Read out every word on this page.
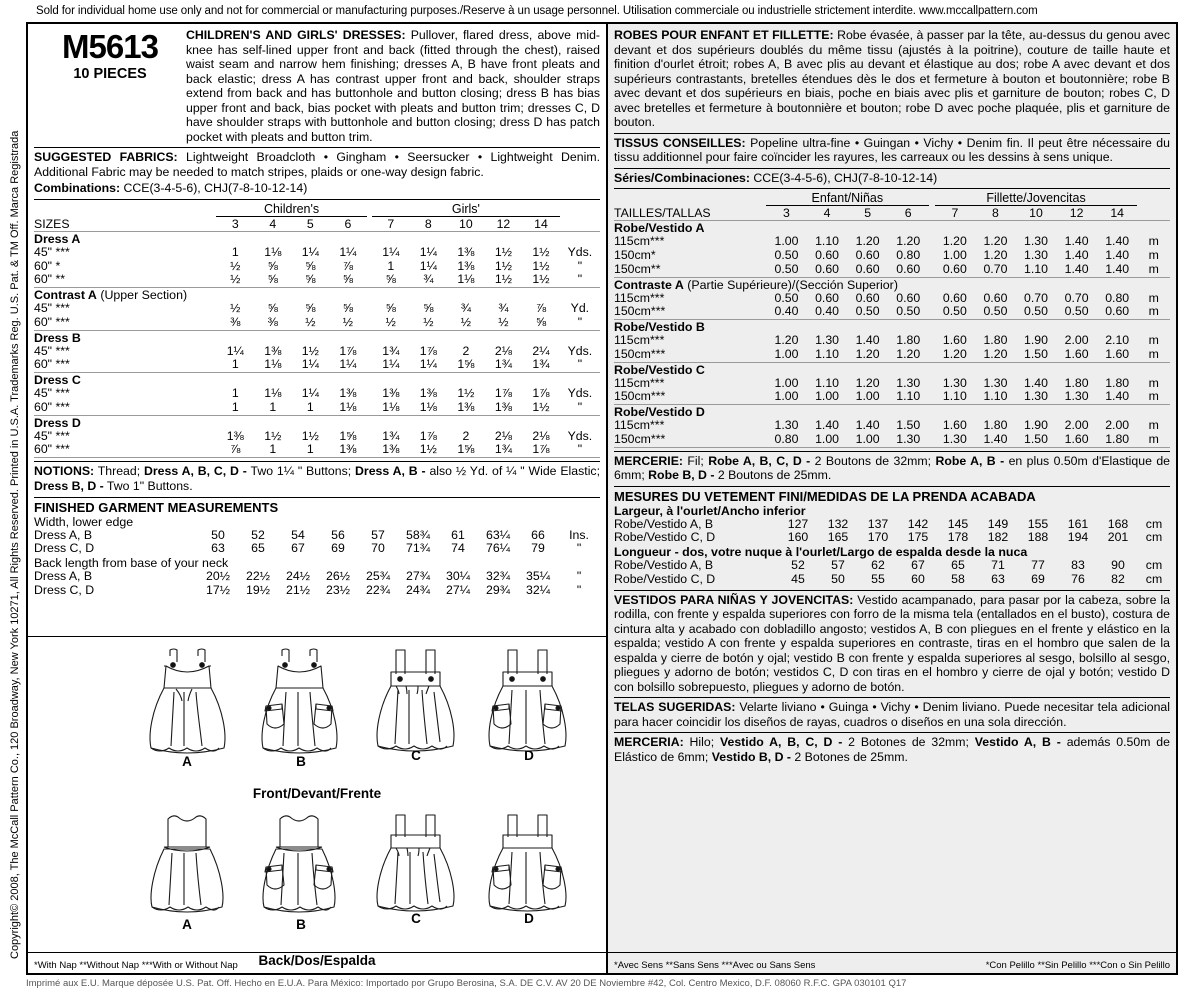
Sold for individual home use only and not for commercial or manufacturing purposes./Reserve à un usage personnel. Utilisation commerciale ou industrielle strictement interdite. www.mccallpattern.com
Copyright© 2008, The McCall Pattern Co., 120 Broadway, New York 10271, All Rights Reserved. Printed in U.S.A. Trademarks Reg. U.S. Pat. & TM Off. Marca Registrada
M5613
10 PIECES
CHILDREN'S AND GIRLS' DRESSES: Pullover, flared dress, above mid-knee has self-lined upper front and back (fitted through the chest), raised waist seam and narrow hem finishing; dresses A, B have front pleats and back elastic; dress A has contrast upper front and back, shoulder straps extend from back and has buttonhole and button closing; dress B has bias upper front and back, bias pocket with pleats and button trim; dresses C, D have shoulder straps with buttonhole and button closing; dress D has patch pocket with pleats and button trim.
SUGGESTED FABRICS: Lightweight Broadcloth • Gingham • Seersucker • Lightweight Denim. Additional Fabric may be needed to match stripes, plaids or one-way design fabric.
Combinations: CCE(3-4-5-6), CHJ(7-8-10-12-14)
	Children's					Girls'					
SIZES	3	4	5	6		7	8	10	12	14	
Dress A											
45" ***	1	1⅛	1¼	1¼		1¼	1¼	1⅜	1½	1½	Yds.
60" *	½	⅝	⅝	⅞		1	1¼	1⅜	1½	1½	"
60" **	½	⅝	⅝	⅝		⅝	¾	1⅛	1½	1½	"
Contrast A (Upper Section)											
45" ***	½	⅝	⅝	⅝		⅝	⅝	¾	¾	⅞	Yd.
60" ***	⅜	⅜	½	½		½	½	½	½	⅝	"
Dress B											
45" ***	1¼	1⅜	1½	1⅞		1¾	1⅞	2	2⅛	2¼	Yds.
60" ***	1	1⅛	1¼	1¼		1¼	1¼	1⅝	1¾	1¾	"
Dress C											
45" ***	1	1⅛	1¼	1⅜		1⅜	1⅜	1½	1⅞	1⅞	Yds.
60" ***	1	1	1	1⅛		1⅛	1⅛	1⅜	1⅜	1½	"
Dress D											
45" ***	1⅜	1½	1½	1⅝		1¾	1⅞	2	2⅛	2⅛	Yds.
60" ***	⅞	1	1	1⅜		1⅜	1½	1⅝	1¾	1⅞	"
NOTIONS: Thread; Dress A, B, C, D - Two 1¼ " Buttons; Dress A, B - also ½ Yd. of ¼ " Wide Elastic; Dress B, D - Two 1" Buttons.
FINISHED GARMENT MEASUREMENTS
Width, lower edge										
Dress A, B	50	52	54	56		57	58¾	61	63¼	66	Ins.
Dress C, D	63	65	67	69		70	71¾	74	76¼	79	"
Back length from base of your neck										
Dress A, B	20½	22½	24½	26½		25¾	27¾	30¼	32¾	35¼	"
Dress C, D	17½	19½	21½	23½		22¾	24¾	27¼	29¾	32¼	"
A	B	C	D
Front/Devant/Frente
A	B	C	D
Back/Dos/Espalda
*With Nap **Without Nap ***With or Without Nap
ROBES POUR ENFANT ET FILLETTE: Robe évasée, à passer par la tête, au-dessus du genou avec devant et dos supérieurs doublés du même tissu (ajustés à la poitrine), couture de taille haute et finition d'ourlet étroit; robes A, B avec plis au devant et élastique au dos; robe A avec devant et dos supérieurs contrastants, bretelles étendues dès le dos et fermeture à bouton et boutonnière; robe B avec devant et dos supérieurs en biais, poche en biais avec plis et garniture de bouton; robes C, D avec bretelles et fermeture à boutonnière et bouton; robe D avec poche plaquée, plis et garniture de bouton.
TISSUS CONSEILLES: Popeline ultra-fine • Guingan • Vichy • Denim fin. Il peut être nécessaire du tissu additionnel pour faire coïncider les rayures, les carreaux ou les dessins à sens unique.
Séries/Combinaciones: CCE(3-4-5-6), CHJ(7-8-10-12-14)
	Enfant/Niñas					Fillette/Jovencitas					
TAILLES/TALLAS	3	4	5	6		7	8	10	12	14	
Robe/Vestido A											
115cm***	1.00	1.10	1.20	1.20		1.20	1.20	1.30	1.40	1.40	m
150cm*	0.50	0.60	0.60	0.80		1.00	1.20	1.30	1.40	1.40	m
150cm**	0.50	0.60	0.60	0.60		0.60	0.70	1.10	1.40	1.40	m
Contraste A (Partie Supérieure)/(Sección Superior)											
115cm***	0.50	0.60	0.60	0.60		0.60	0.60	0.70	0.70	0.80	m
150cm***	0.40	0.40	0.50	0.50		0.50	0.50	0.50	0.50	0.60	m
Robe/Vestido B											
115cm***	1.20	1.30	1.40	1.80		1.60	1.80	1.90	2.00	2.10	m
150cm***	1.00	1.10	1.20	1.20		1.20	1.20	1.50	1.60	1.60	m
Robe/Vestido C											
115cm***	1.00	1.10	1.20	1.30		1.30	1.30	1.40	1.80	1.80	m
150cm***	1.00	1.00	1.00	1.10		1.10	1.10	1.30	1.30	1.40	m
Robe/Vestido D											
115cm***	1.30	1.40	1.40	1.50		1.60	1.80	1.90	2.00	2.00	m
150cm***	0.80	1.00	1.00	1.30		1.30	1.40	1.50	1.60	1.80	m
MERCERIE: Fil; Robe A, B, C, D - 2 Boutons de 32mm; Robe A, B - en plus 0.50m d'Elastique de 6mm; Robe B, D - 2 Boutons de 25mm.
MESURES DU VETEMENT FINI/MEDIDAS DE LA PRENDA ACABADA
Largeur, à l'ourlet/Ancho inferior										
Robe/Vestido A, B	127	132	137	142		145	149	155	161	168	cm
Robe/Vestido C, D	160	165	170	175		178	182	188	194	201	cm
Longueur - dos, votre nuque à l'ourlet/Largo de espalda desde la nuca										
Robe/Vestido A, B	52	57	62	67		65	71	77	83	90	cm
Robe/Vestido C, D	45	50	55	60		58	63	69	76	82	cm
VESTIDOS PARA NIÑAS Y JOVENCITAS: Vestido acampanado, para pasar por la cabeza, sobre la rodilla, con frente y espalda superiores con forro de la misma tela (entallados en el busto), costura de cintura alta y acabado con dobladillo angosto; vestidos A, B con pliegues en el frente y elástico en la espalda; vestido A con frente y espalda superiores en contraste, tiras en el hombro que salen de la espalda y cierre de botón y ojal; vestido B con frente y espalda superiores al sesgo, bolsillo al sesgo, pliegues y adorno de botón; vestidos C, D con tiras en el hombro y cierre de ojal y botón; vestido D con bolsillo sobrepuesto, pliegues y adorno de botón.
TELAS SUGERIDAS: Velarte liviano • Guinga • Vichy • Denim liviano. Puede necesitar tela adicional para hacer coincidir los diseños de rayas, cuadros o diseños en una sola dirección.
MERCERIA: Hilo; Vestido A, B, C, D - 2 Botones de 32mm; Vestido A, B - además 0.50m de Elástico de 6mm; Vestido B, D - 2 Botones de 25mm.
*Avec Sens **Sans Sens ***Avec ou Sans Sens	*Con Pelillo **Sin Pelillo ***Con o Sin Pelillo
Imprimé aux E.U. Marque déposée U.S. Pat. Off. Hecho en E.U.A. Para México: Importado por Grupo Berosina, S.A. DE C.V. AV 20 DE Noviembre #42, Col. Centro Mexico, D.F. 08060 R.F.C. GPA 030101 Q17
